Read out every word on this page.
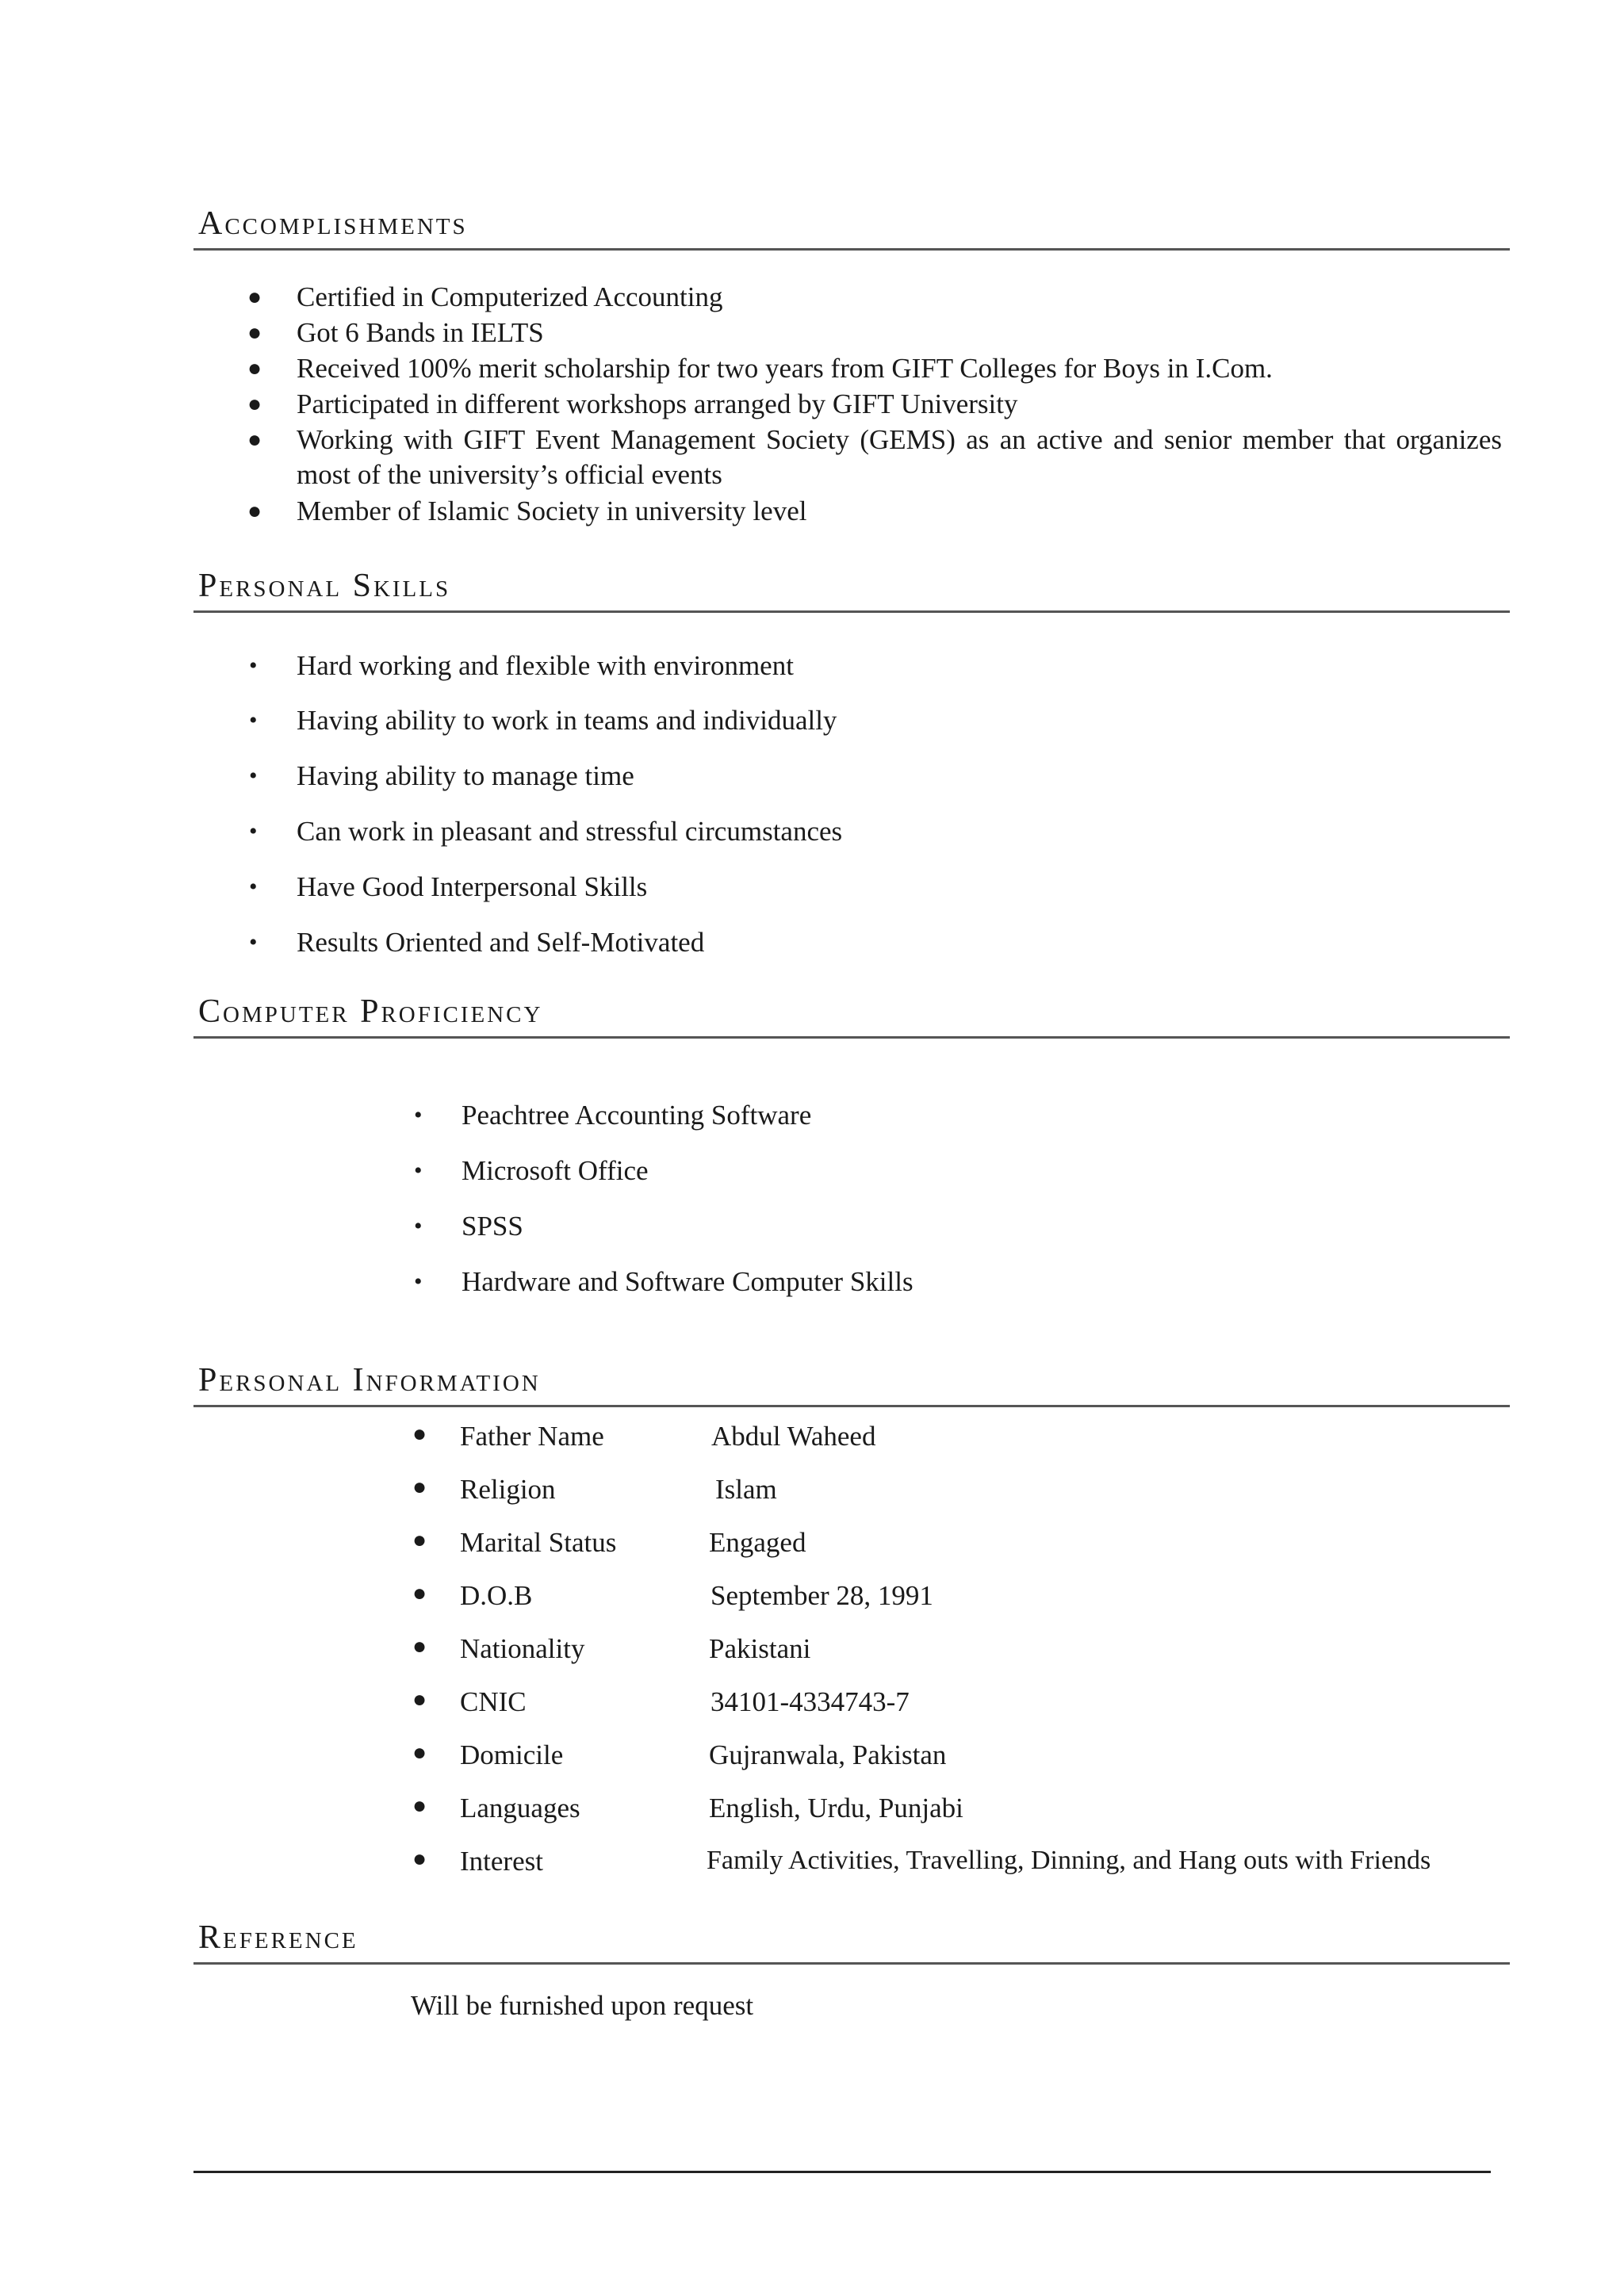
Accomplishments
● Certified in Computerized Accounting
● Got 6 Bands in IELTS
● Received 100% merit scholarship for two years from GIFT Colleges for Boys in I.Com.
● Participated in different workshops arranged by GIFT University
● Working with GIFT Event Management Society (GEMS) as an active and senior member that organizes most of the university’s official events
● Member of Islamic Society in university level
Personal Skills
• Hard working and flexible with environment
• Having ability to work in teams and individually
• Having ability to manage time
• Can work in pleasant and stressful circumstances
• Have Good Interpersonal Skills
• Results Oriented and Self-Motivated
Computer Proficiency
• Peachtree Accounting Software
• Microsoft Office
• SPSS
• Hardware and Software Computer Skills
Personal Information
● Father Name	Abdul Waheed
● Religion	Islam
● Marital Status	Engaged
● D.O.B	September 28, 1991
● Nationality	Pakistani
● CNIC	34101-4334743-7
● Domicile	Gujranwala, Pakistan
● Languages	English, Urdu, Punjabi
● Interest	Family Activities, Travelling, Dinning, and Hang outs with Friends
Reference
Will be furnished upon request
